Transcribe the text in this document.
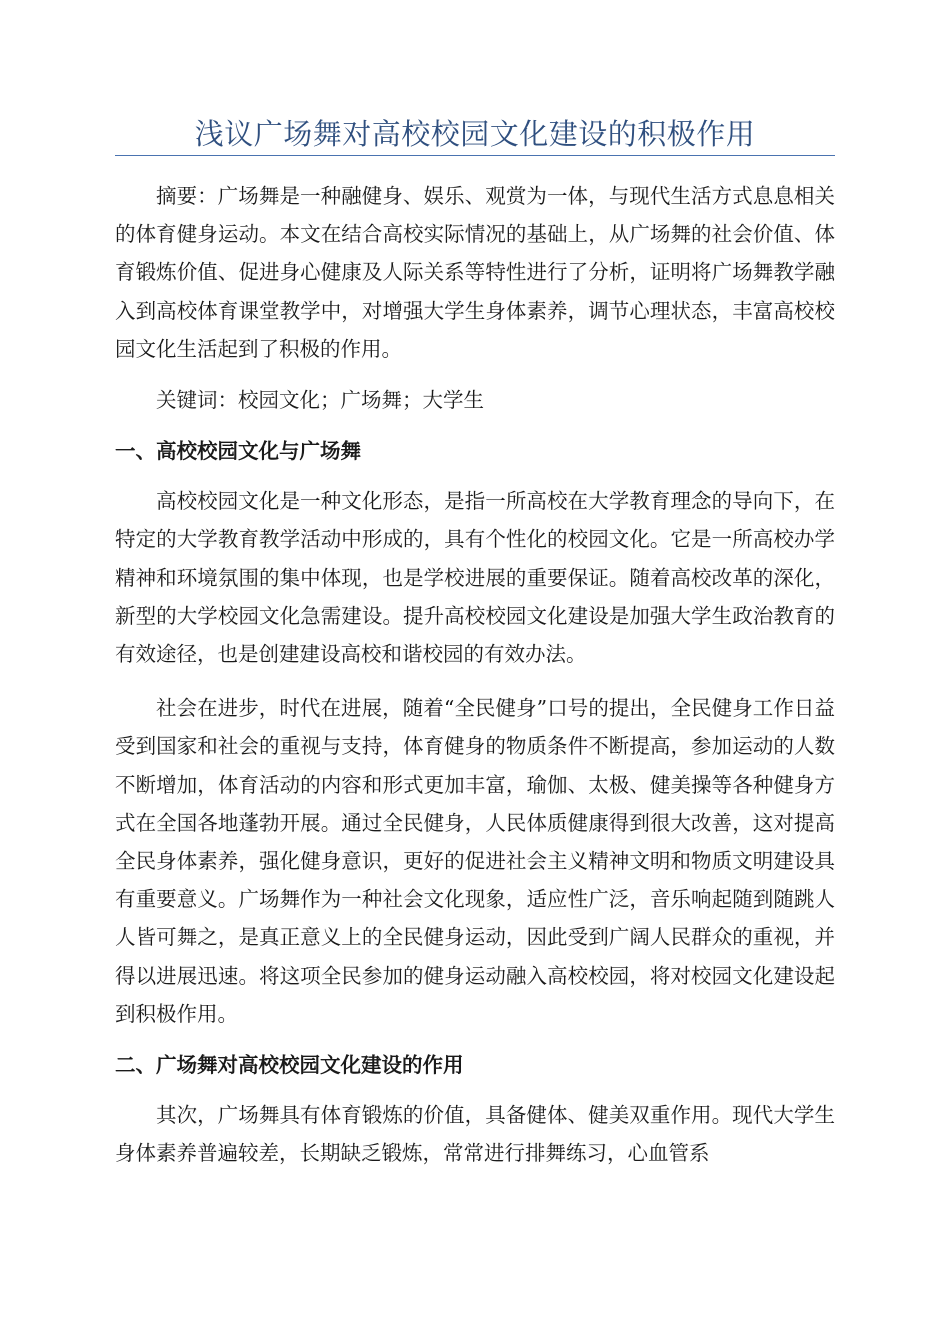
浅议广场舞对高校校园文化建设的积极作用

摘要：广场舞是一种融健身、娱乐、观赏为一体，与现代生活方式息息相关的体育健身运动。本文在结合高校实际情况的基础上，从广场舞的社会价值、体育锻炼价值、促进身心健康及人际关系等特性进行了分析，证明将广场舞教学融入到高校体育课堂教学中，对增强大学生身体素养，调节心理状态，丰富高校校园文化生活起到了积极的作用。

关键词：校园文化；广场舞；大学生

一、高校校园文化与广场舞

高校校园文化是一种文化形态，是指一所高校在大学教育理念的导向下，在特定的大学教育教学活动中形成的，具有个性化的校园文化。它是一所高校办学精神和环境氛围的集中体现，也是学校进展的重要保证。随着高校改革的深化，新型的大学校园文化急需建设。提升高校校园文化建设是加强大学生政治教育的有效途径，也是创建建设高校和谐校园的有效办法。

社会在进步，时代在进展，随着“全民健身”口号的提出，全民健身工作日益受到国家和社会的重视与支持，体育健身的物质条件不断提高，参加运动的人数不断增加，体育活动的内容和形式更加丰富，瑜伽、太极、健美操等各种健身方式在全国各地蓬勃开展。通过全民健身，人民体质健康得到很大改善，这对提高全民身体素养，强化健身意识，更好的促进社会主义精神文明和物质文明建设具有重要意义。广场舞作为一种社会文化现象，适应性广泛，音乐响起随到随跳人人皆可舞之，是真正意义上的全民健身运动，因此受到广阔人民群众的重视，并得以进展迅速。将这项全民参加的健身运动融入高校校园，将对校园文化建设起到积极作用。

二、广场舞对高校校园文化建设的作用

其次，广场舞具有体育锻炼的价值，具备健体、健美双重作用。现代大学生身体素养普遍较差，长期缺乏锻炼，常常进行排舞练习，心血管系
